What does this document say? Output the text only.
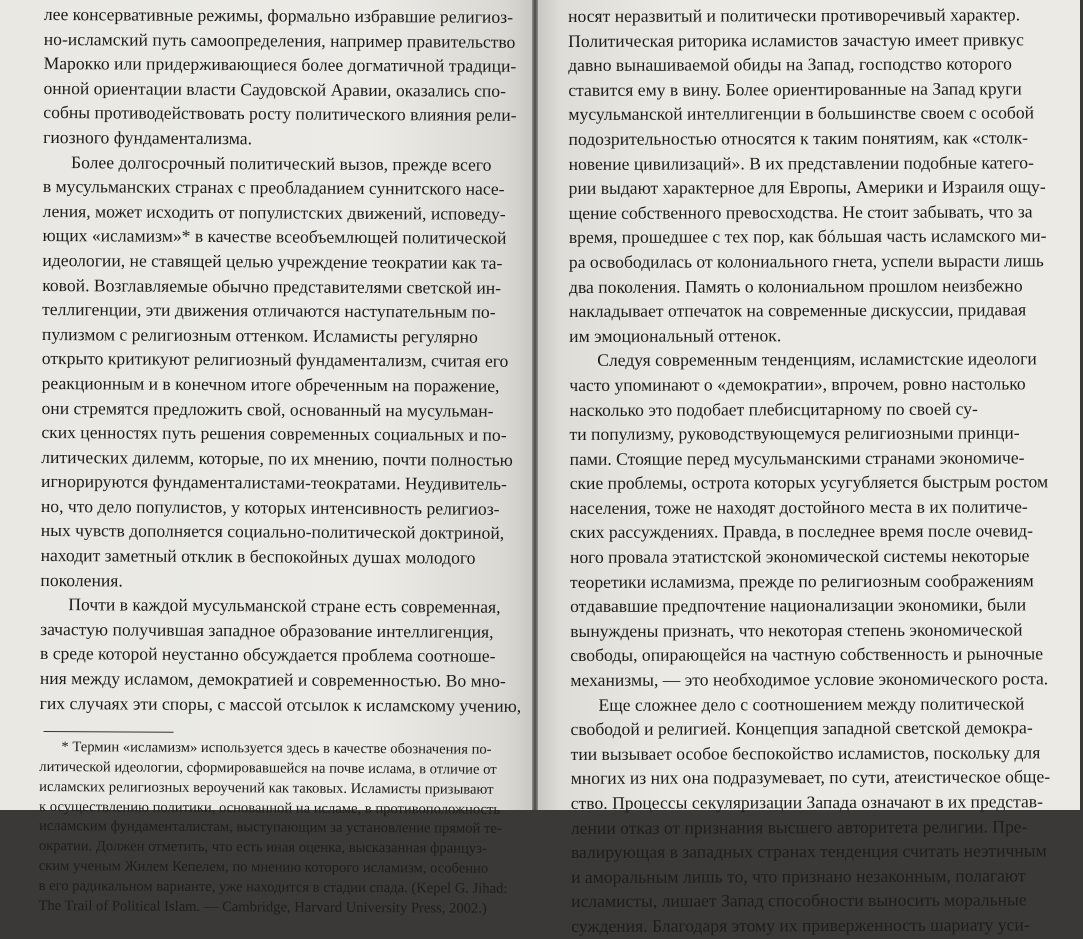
лее консервативные режимы, формально избравшие религиоз-
но-исламский путь самоопределения, например правительство
Марокко или придерживающиеся более догматичной традици-
онной ориентации власти Саудовской Аравии, оказались спо-
собны противодействовать росту политического влияния рели-
гиозного фундаментализма.
Более долгосрочный политический вызов, прежде всего
в мусульманских странах с преобладанием суннитского насе-
ления, может исходить от популистских движений, исповеду-
ющих «исламизм»* в качестве всеобъемлющей политической
идеологии, не ставящей целью учреждение теократии как та-
ковой. Возглавляемые обычно представителями светской ин-
теллигенции, эти движения отличаются наступательным по-
пулизмом с религиозным оттенком. Исламисты регулярно
открыто критикуют религиозный фундаментализм, считая его
реакционным и в конечном итоге обреченным на поражение,
они стремятся предложить свой, основанный на мусульман-
ских ценностях путь решения современных социальных и по-
литических дилемм, которые, по их мнению, почти полностью
игнорируются фундаменталистами-теократами. Неудивитель-
но, что дело популистов, у которых интенсивность религиоз-
ных чувств дополняется социально-политической доктриной,
находит заметный отклик в беспокойных душах молодого
поколения.
Почти в каждой мусульманской стране есть современная,
зачастую получившая западное образование интеллигенция,
в среде которой неустанно обсуждается проблема соотноше-
ния между исламом, демократией и современностью. Во мно-
гих случаях эти споры, с массой отсылок к исламскому учению,
* Термин «исламизм» используется здесь в качестве обозначения по-
литической идеологии, сформировавшейся на почве ислама, в отличие от
исламских религиозных вероучений как таковых. Исламисты призывают
к осуществлению политики, основанной на исламе, в противоположность
исламским фундаменталистам, выступающим за установление прямой те-
ократии. Должен отметить, что есть иная оценка, высказанная француз-
ским ученым Жилем Кепелем, по мнению которого исламизм, особенно
в его радикальном варианте, уже находится в стадии спада. (Kepel G. Jihad:
The Trail of Political Islam. — Cambridge, Harvard University Press, 2002.)
носят неразвитый и политически противоречивый характер.
Политическая риторика исламистов зачастую имеет привкус
давно вынашиваемой обиды на Запад, господство которого
ставится ему в вину. Более ориентированные на Запад круги
мусульманской интеллигенции в большинстве своем с особой
подозрительностью относятся к таким понятиям, как «столк-
новение цивилизаций». В их представлении подобные катего-
рии выдают характерное для Европы, Америки и Израиля ощу-
щение собственного превосходства. Не стоит забывать, что за
время, прошедшее с тех пор, как бóльшая часть исламского ми-
ра освободилась от колониального гнета, успели вырасти лишь
два поколения. Память о колониальном прошлом неизбежно
накладывает отпечаток на современные дискуссии, придавая
им эмоциональный оттенок.
Следуя современным тенденциям, исламистские идеологи
часто упоминают о «демократии», впрочем, ровно настолько
насколько это подобает плебисцитарному по своей су-
ти популизму, руководствующемуся религиозными принци-
пами. Стоящие перед мусульманскими странами экономиче-
ские проблемы, острота которых усугубляется быстрым ростом
населения, тоже не находят достойного места в их политиче-
ских рассуждениях. Правда, в последнее время после очевид-
ного провала этатистской экономической системы некоторые
теоретики исламизма, прежде по религиозным соображениям
отдававшие предпочтение национализации экономики, были
вынуждены признать, что некоторая степень экономической
свободы, опирающейся на частную собственность и рыночные
механизмы, — это необходимое условие экономического роста.
Еще сложнее дело с соотношением между политической
свободой и религией. Концепция западной светской демокра-
тии вызывает особое беспокойство исламистов, поскольку для
многих из них она подразумевает, по сути, атеистическое обще-
ство. Процессы секуляризации Запада означают в их представ-
лении отказ от признания высшего авторитета религии. Пре-
валирующая в западных странах тенденция считать неэтичным
и аморальным лишь то, что признано незаконным, полагают
исламисты, лишает Запад способности выносить моральные
суждения. Благодаря этому их приверженность шариату уси-
